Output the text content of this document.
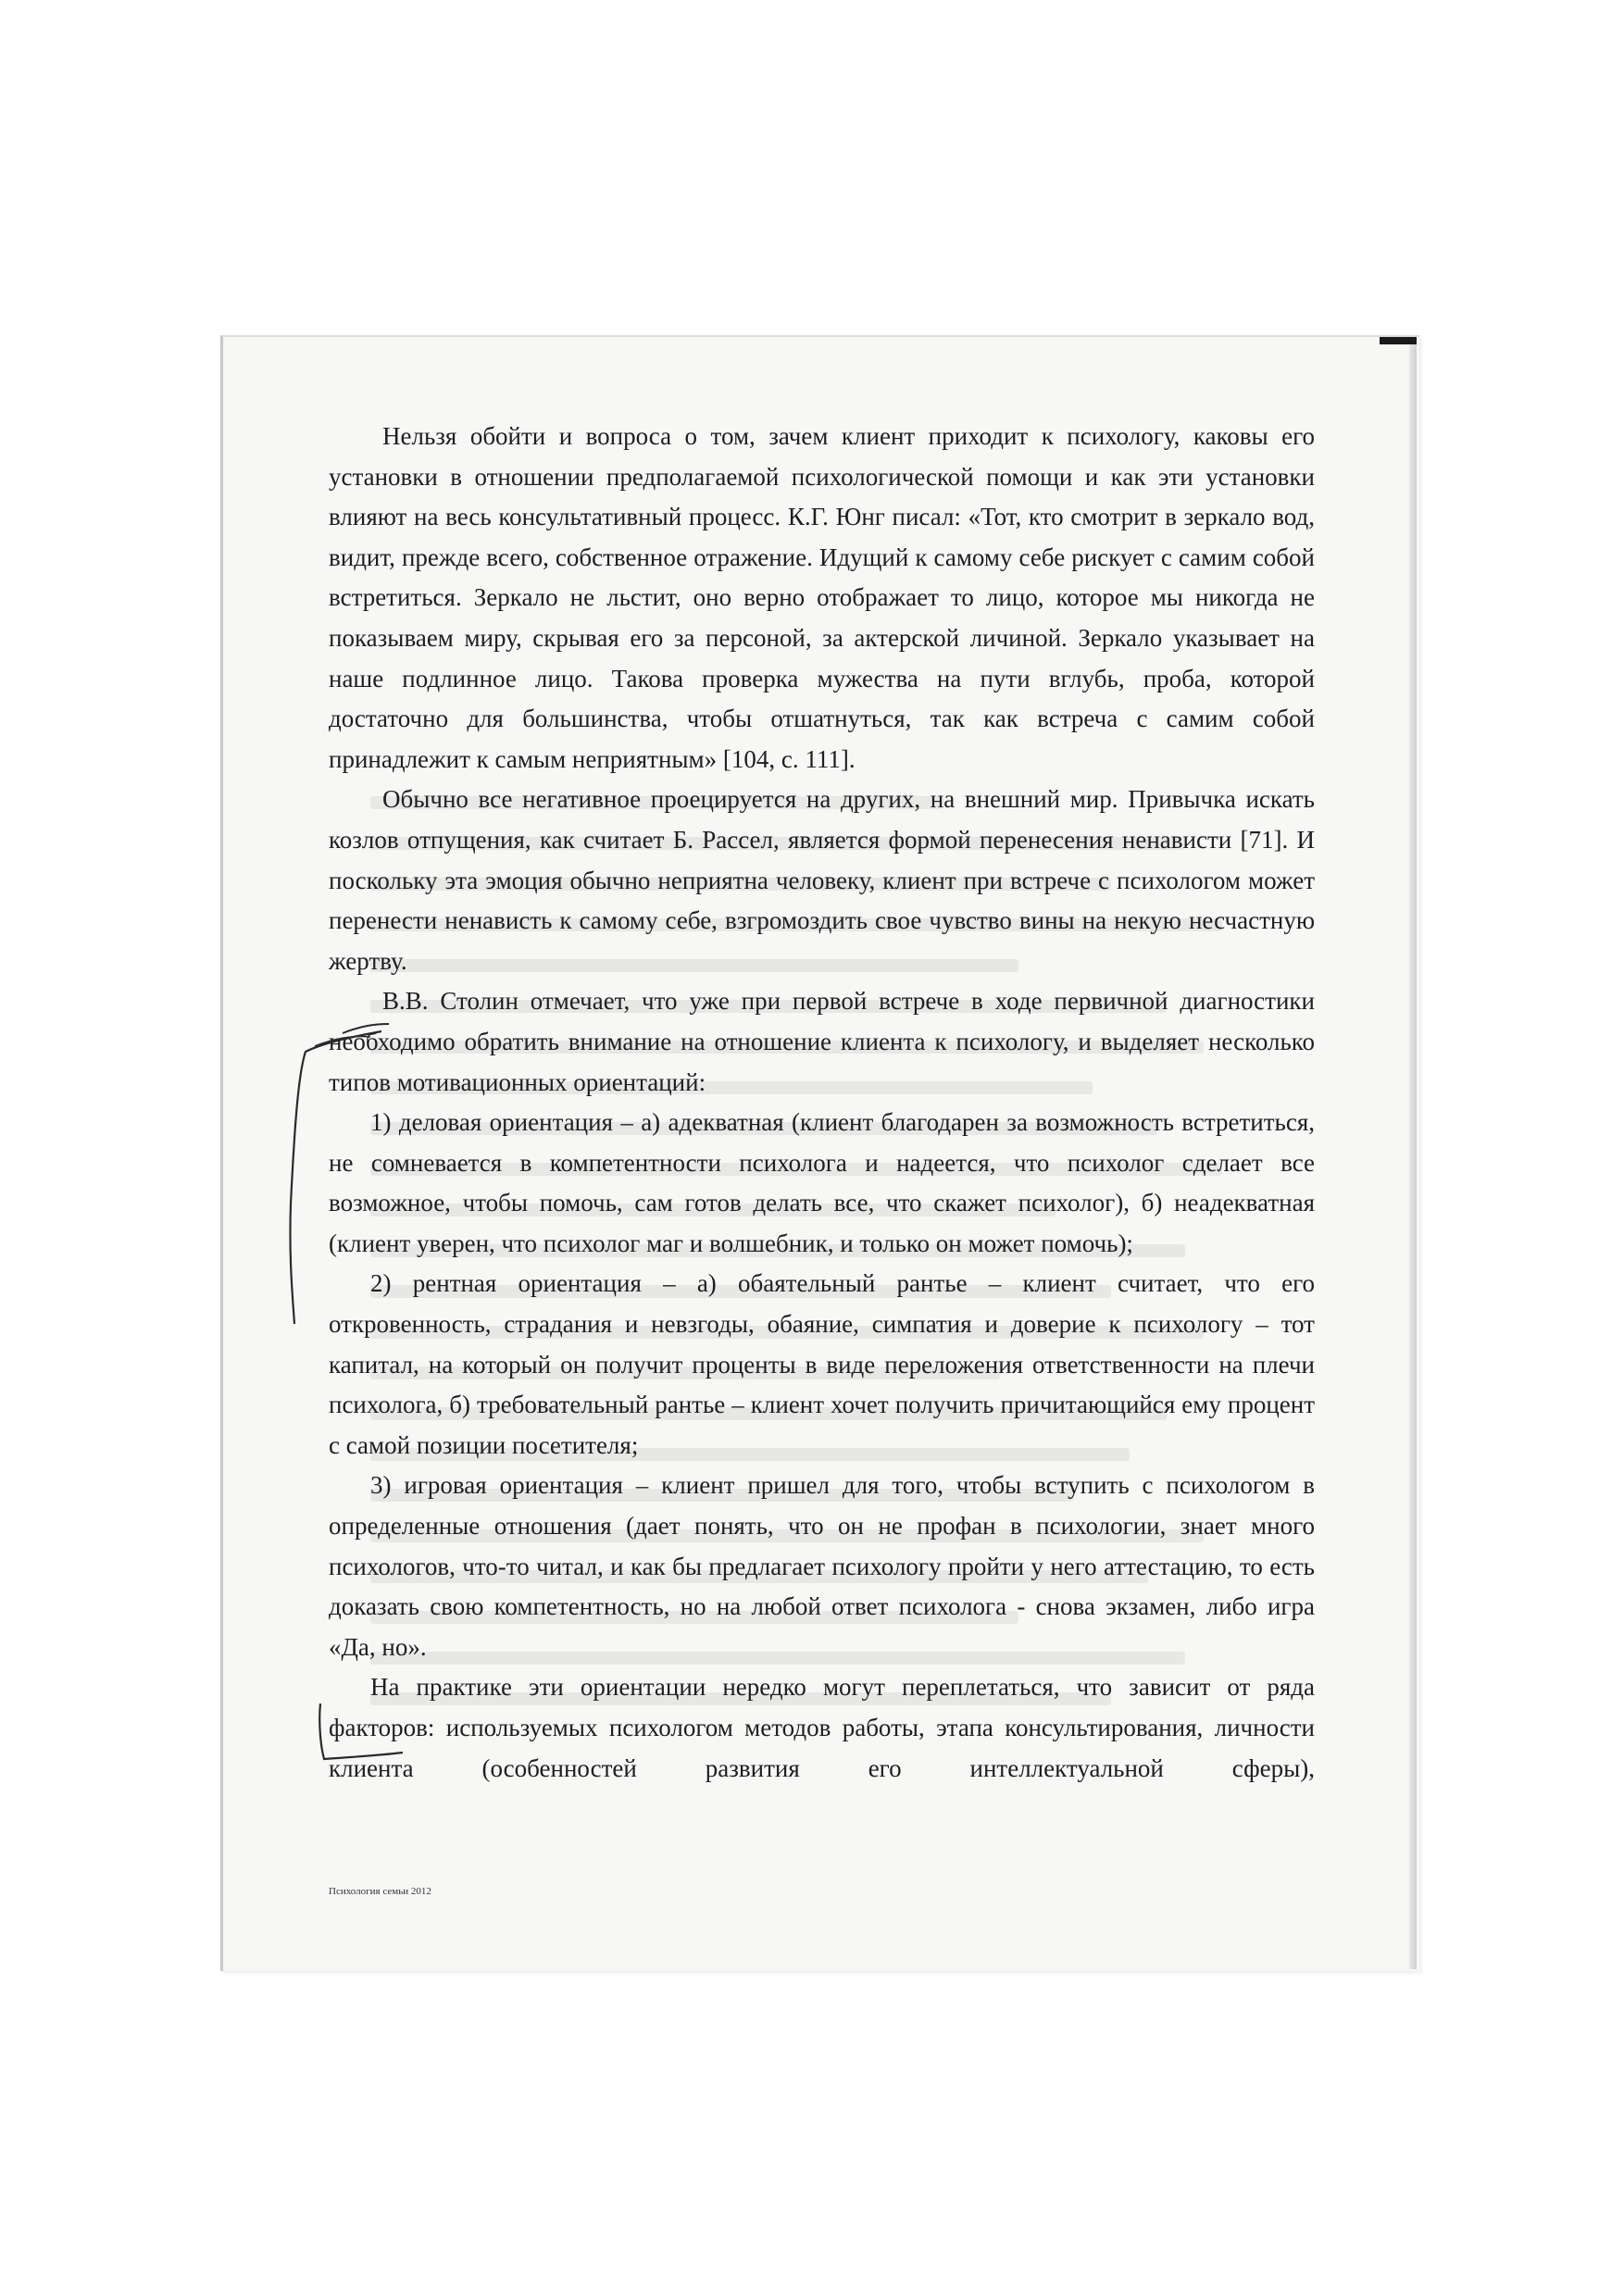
Нельзя обойти и вопроса о том, зачем клиент приходит к психологу, каковы его установки в отношении предполагаемой психологической помощи и как эти установки влияют на весь консультативный процесс. К.Г. Юнг писал: «Тот, кто смотрит в зеркало вод, видит, прежде всего, собственное отражение. Идущий к самому себе рискует с самим собой встретиться. Зеркало не льстит, оно верно отображает то лицо, которое мы никогда не показываем миру, скрывая его за персоной, за актерской личиной. Зеркало указывает на наше подлинное лицо. Такова проверка мужества на пути вглубь, проба, которой достаточно для большинства, чтобы отшатнуться, так как встреча с самим собой принадлежит к самым неприятным» [104, с. 111].

Обычно все негативное проецируется на других, на внешний мир. Привычка искать козлов отпущения, как считает Б. Рассел, является формой перенесения ненависти [71]. И поскольку эта эмоция обычно неприятна человеку, клиент при встрече с психологом может перенести ненависть к самому себе, взгромоздить свое чувство вины на некую несчастную жертву.

В.В. Столин отмечает, что уже при первой встрече в ходе первичной диагностики необходимо обратить внимание на отношение клиента к психологу, и выделяет несколько типов мотивационных ориентаций:

1) деловая ориентация – а) адекватная (клиент благодарен за возможность встретиться, не сомневается в компетентности психолога и надеется, что психолог сделает все возможное, чтобы помочь, сам готов делать все, что скажет психолог), б) неадекватная (клиент уверен, что психолог маг и волшебник, и только он может помочь);

2) рентная ориентация – а) обаятельный рантье – клиент считает, что его откровенность, страдания и невзгоды, обаяние, симпатия и доверие к психологу – тот капитал, на который он получит проценты в виде переложения ответственности на плечи психолога, б) требовательный рантье – клиент хочет получить причитающийся ему процент с самой позиции посетителя;

3) игровая ориентация – клиент пришел для того, чтобы вступить с психологом в определенные отношения (дает понять, что он не профан в психологии, знает много психологов, что-то читал, и как бы предлагает психологу пройти у него аттестацию, то есть доказать свою компетентность, но на любой ответ психолога - снова экзамен, либо игра «Да, но».

На практике эти ориентации нередко могут переплетаться, что зависит от ряда факторов: используемых психологом методов работы, этапа консультирования, личности клиента (особенностей развития его интеллектуальной сферы),

Психология семьи 2012
